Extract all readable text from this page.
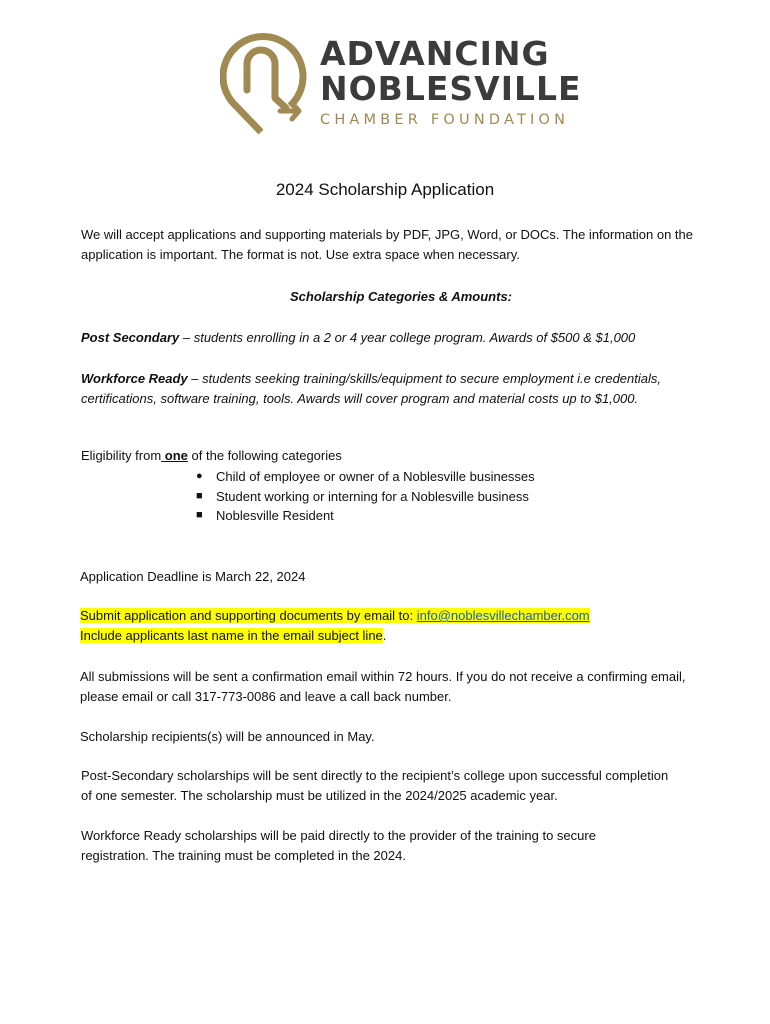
ADVANCING
NOBLESVILLE
CHAMBER FOUNDATION
2024 Scholarship Application
We will accept applications and supporting materials by PDF, JPG, Word, or DOCs. The information on the application is important. The format is not. Use extra space when necessary.
Scholarship Categories & Amounts:
Post Secondary – students enrolling in a 2 or 4 year college program. Awards of $500 & $1,000
Workforce Ready – students seeking training/skills/equipment to secure employment i.e credentials, certifications, software training, tools. Awards will cover program and material costs up to $1,000.
Eligibility from one of the following categories
●	Child of employee or owner of a Noblesville businesses
■	Student working or interning for a Noblesville business
■	Noblesville Resident
Application Deadline is March 22, 2024
Submit application and supporting documents by email to: info@noblesvillechamber.com
Include applicants last name in the email subject line.
All submissions will be sent a confirmation email within 72 hours. If you do not receive a confirming email, please email or call 317-773-0086 and leave a call back number.
Scholarship recipients(s) will be announced in May.
Post-Secondary scholarships will be sent directly to the recipient’s college upon successful completion of one semester. The scholarship must be utilized in the 2024/2025 academic year.
Workforce Ready scholarships will be paid directly to the provider of the training to secure registration. The training must be completed in the 2024.
